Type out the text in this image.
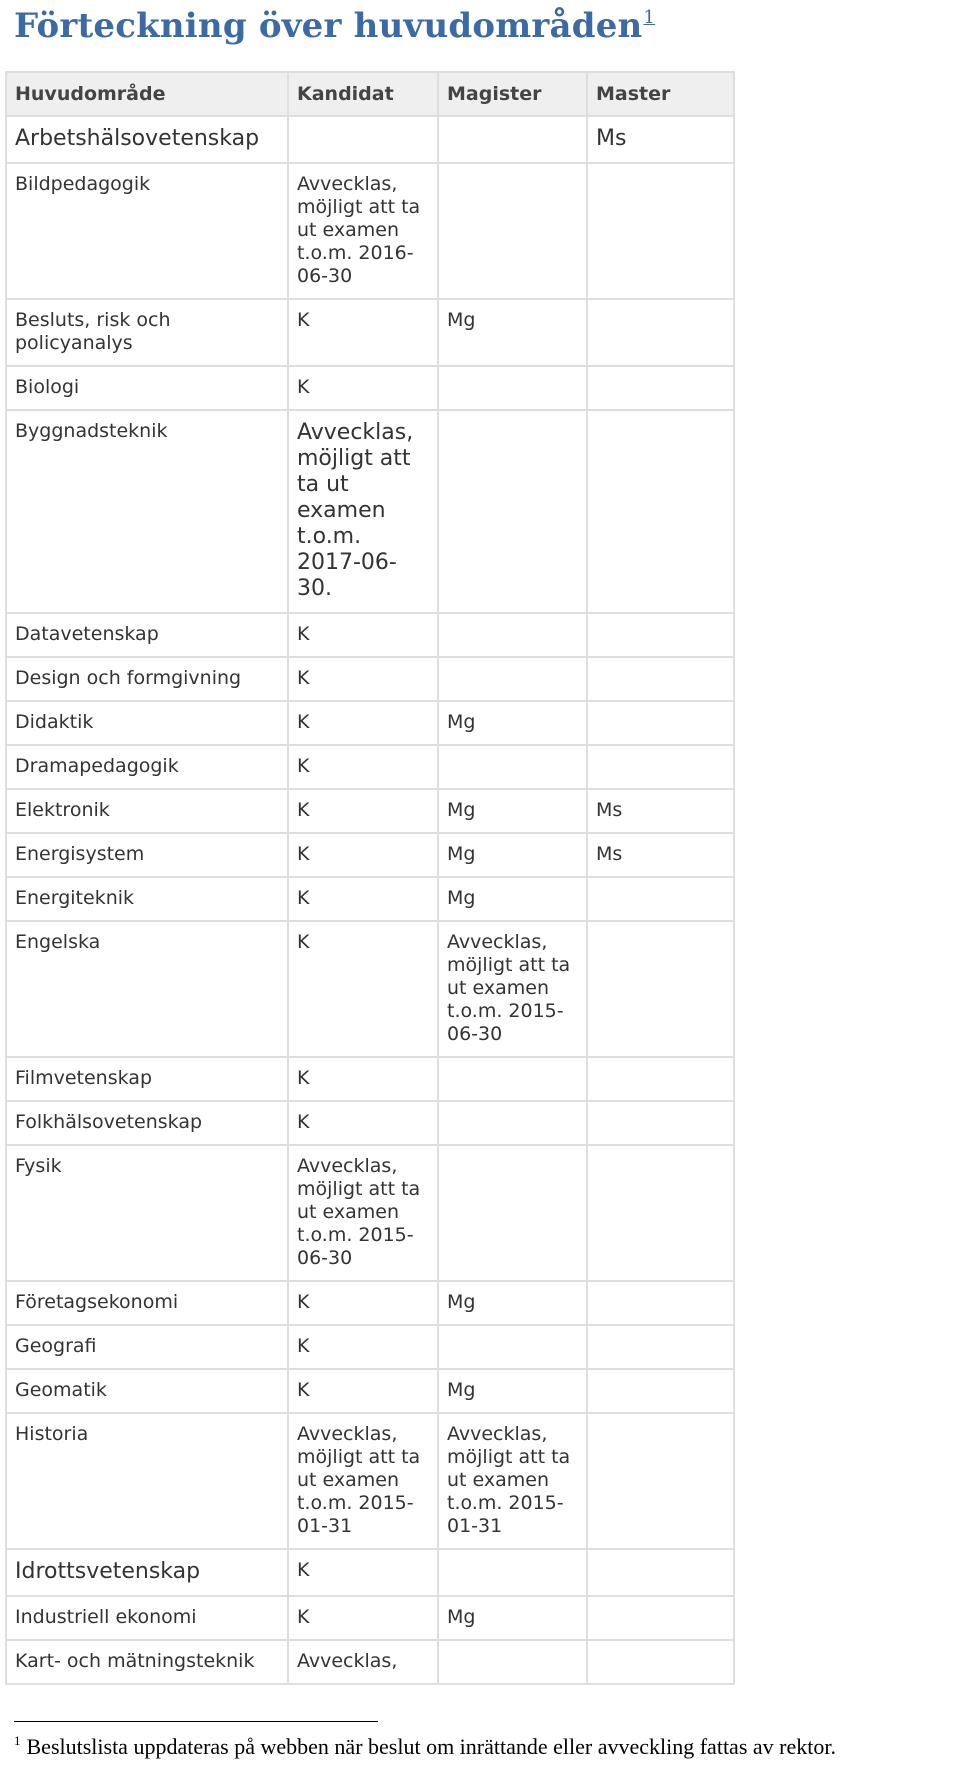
Förteckning över huvudområden$^1$
Huvudområde	Kandidat	Magister	Master
Arbetshälsovetenskap			Ms
Bildpedagogik	Avvecklas, möjligt att ta ut examen t.o.m. 2016-06-30		
Besluts, risk och policyanalys	K	Mg	
Biologi	K		
Byggnadsteknik	Avvecklas, möjligt att ta ut examen t.o.m. 2017-06-30.		
Datavetenskap	K		
Design och formgivning	K		
Didaktik	K	Mg	
Dramapedagogik	K		
Elektronik	K	Mg	Ms
Energisystem	K	Mg	Ms
Energiteknik	K	Mg	
Engelska	K	Avvecklas, möjligt att ta ut examen t.o.m. 2015-06-30	
Filmvetenskap	K		
Folkhälsovetenskap	K		
Fysik	Avvecklas, möjligt att ta ut examen t.o.m. 2015-06-30		
Företagsekonomi	K	Mg	
Geografi	K		
Geomatik	K	Mg	
Historia	Avvecklas, möjligt att ta ut examen t.o.m. 2015-01-31	Avvecklas, möjligt att ta ut examen t.o.m. 2015-01-31	
Idrottsvetenskap	K		
Industriell ekonomi	K	Mg	
Kart- och mätningsteknik	Avvecklas,		

$^1$ Beslutslista uppdateras på webben när beslut om inrättande eller avveckling fattas av rektor.
